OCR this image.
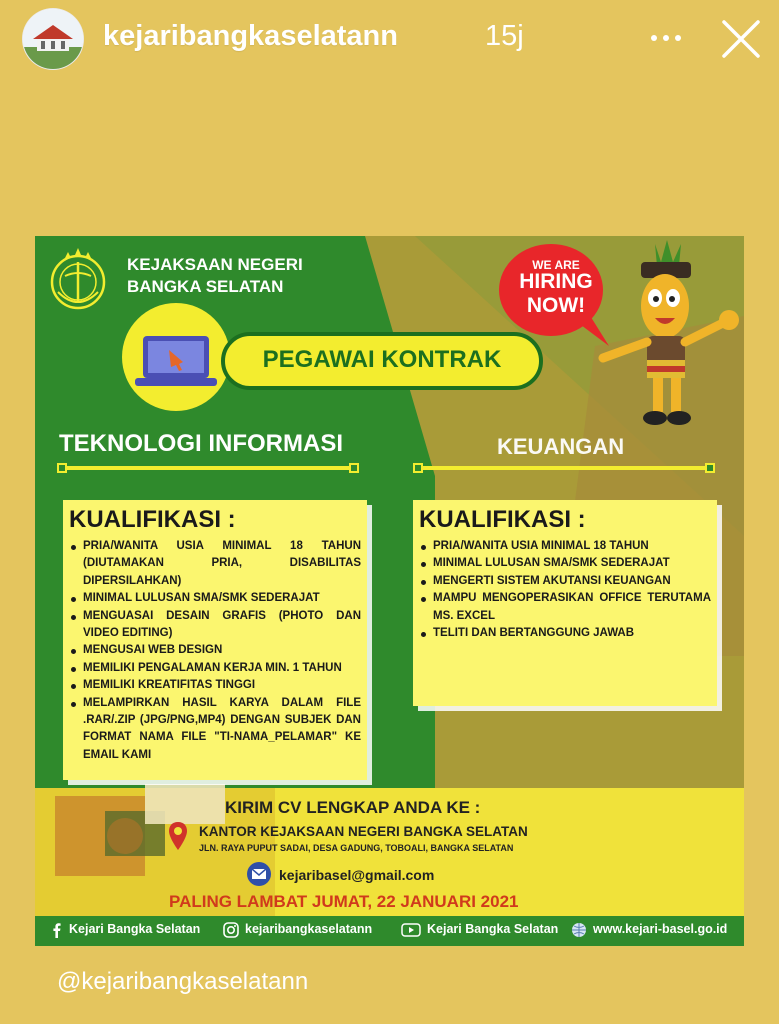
kejaribangkaselatann	15j
KEJAKSAAN NEGERI
BANGKA SELATAN
WE ARE
HIRING
NOW!
PEGAWAI KONTRAK
TEKNOLOGI INFORMASI	KEUANGAN

KUALIFIKASI :

PRIA/WANITA USIA MINIMAL 18 TAHUN (DIUTAMAKAN PRIA, DISABILITAS DIPERSILAHKAN)
MINIMAL LULUSAN SMA/SMK SEDERAJAT
MENGUASAI DESAIN GRAFIS (PHOTO DAN VIDEO EDITING)
MENGUSAI WEB DESIGN
MEMILIKI PENGALAMAN KERJA MIN. 1 TAHUN
MEMILIKI KREATIFITAS TINGGI
MELAMPIRKAN HASIL KARYA DALAM FILE .RAR/.ZIP (JPG/PNG,MP4) DENGAN SUBJEK DAN FORMAT NAMA FILE "TI-NAMA_PELAMAR" KE EMAIL KAMI

KUALIFIKASI :

PRIA/WANITA USIA MINIMAL 18 TAHUN
MINIMAL LULUSAN SMA/SMK SEDERAJAT
MENGERTI SISTEM AKUTANSI KEUANGAN
MAMPU MENGOPERASIKAN OFFICE TERUTAMA MS. EXCEL
TELITI DAN BERTANGGUNG JAWAB
KIRIM CV LENGKAP ANDA KE :
KANTOR KEJAKSAAN NEGERI BANGKA SELATAN
JLN. RAYA PUPUT SADAI, DESA GADUNG, TOBOALI, BANGKA SELATAN
kejaribasel@gmail.com
PALING LAMBAT JUMAT, 22 JANUARI 2021
Kejari Bangka Selatan	kejaribangkaselatann	Kejari Bangka Selatan	www.kejari-basel.go.id
@kejaribangkaselatann
